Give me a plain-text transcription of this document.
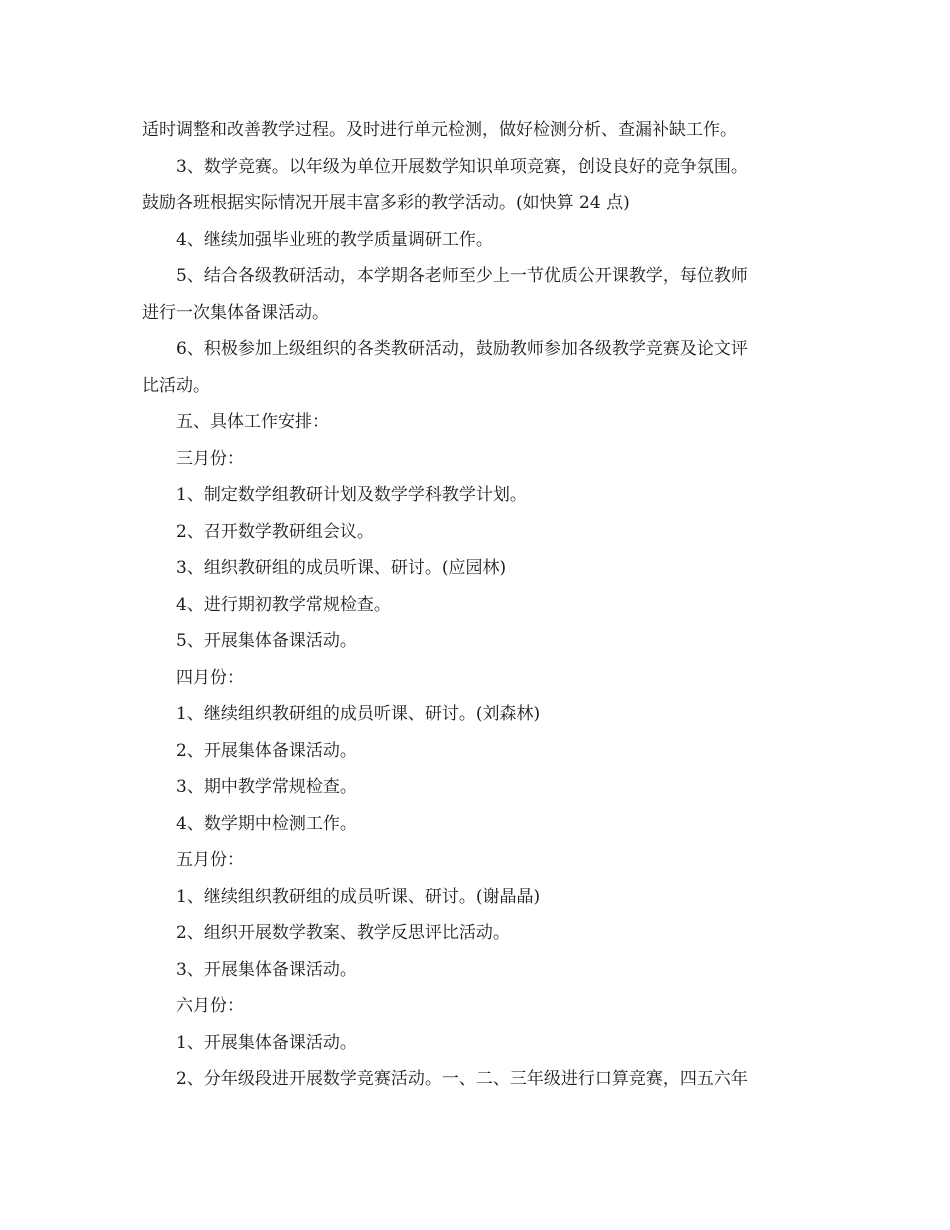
适时调整和改善教学过程。及时进行单元检测，做好检测分析、查漏补缺工作。

3、数学竞赛。以年级为单位开展数学知识单项竞赛，创设良好的竞争氛围。

鼓励各班根据实际情况开展丰富多彩的教学活动。(如快算 24 点)

4、继续加强毕业班的教学质量调研工作。

5、结合各级教研活动，本学期各老师至少上一节优质公开课教学，每位教师

进行一次集体备课活动。

6、积极参加上级组织的各类教研活动，鼓励教师参加各级教学竞赛及论文评

比活动。

五、具体工作安排：

三月份：

1、制定数学组教研计划及数学学科教学计划。

2、召开数学教研组会议。

3、组织教研组的成员听课、研讨。(应园林)

4、进行期初教学常规检查。

5、开展集体备课活动。

四月份：

1、继续组织教研组的成员听课、研讨。(刘森林)

2、开展集体备课活动。

3、期中教学常规检查。

4、数学期中检测工作。

五月份：

1、继续组织教研组的成员听课、研讨。(谢晶晶)

2、组织开展数学教案、教学反思评比活动。

3、开展集体备课活动。

六月份：

1、开展集体备课活动。

2、分年级段进开展数学竞赛活动。一、二、三年级进行口算竞赛，四五六年
